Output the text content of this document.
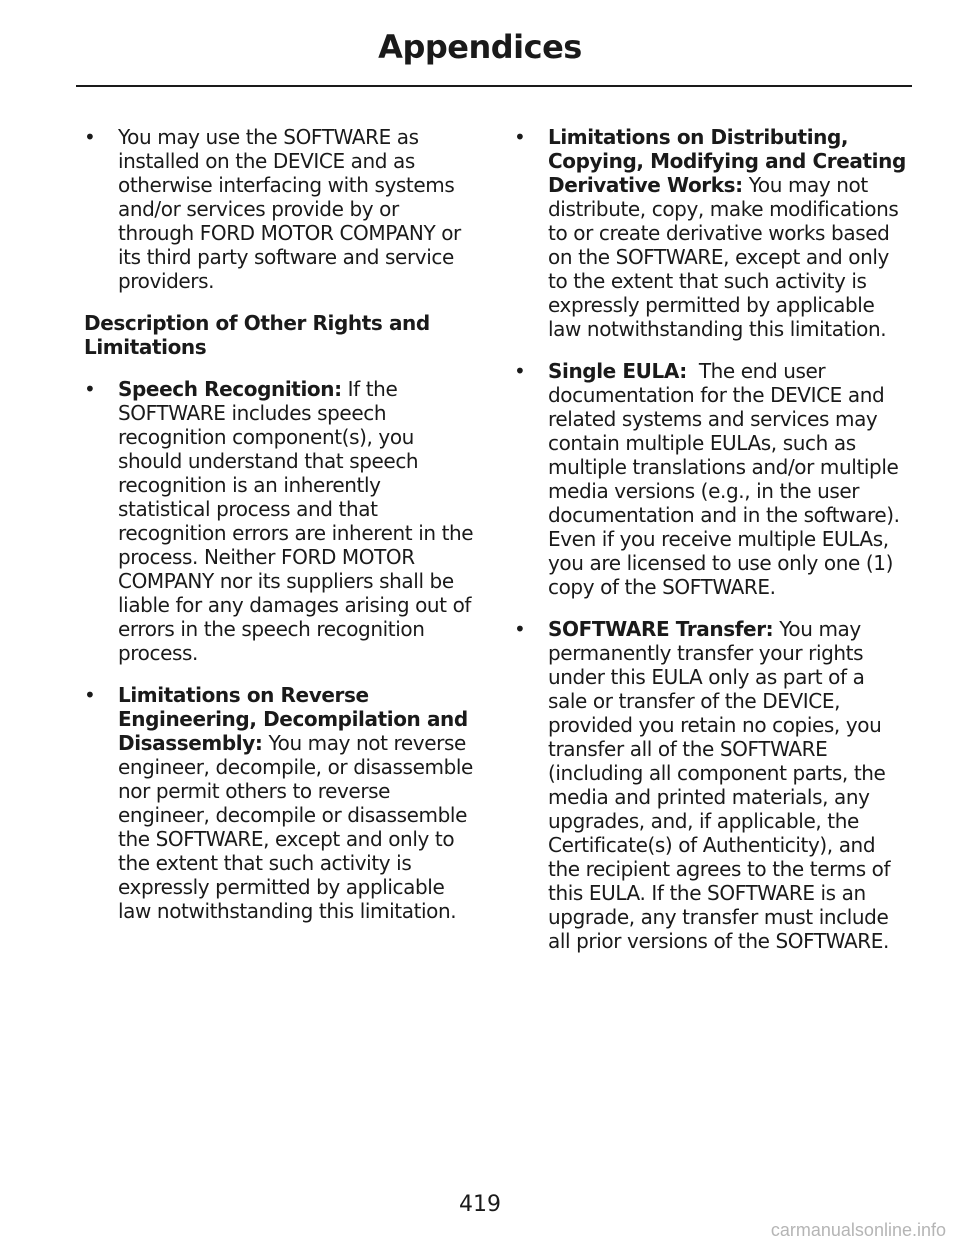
Appendices
•	You may use the SOFTWARE as installed on the DEVICE and as otherwise interfacing with systems and/or services provide by or through FORD MOTOR COMPANY or its third party software and service providers.
Description of Other Rights and Limitations
•	Speech Recognition: If the SOFTWARE includes speech recognition component(s), you should understand that speech recognition is an inherently statistical process and that recognition errors are inherent in the process. Neither FORD MOTOR COMPANY nor its suppliers shall be liable for any damages arising out of errors in the speech recognition process.
•	Limitations on Reverse Engineering, Decompilation and Disassembly: You may not reverse engineer, decompile, or disassemble nor permit others to reverse engineer, decompile or disassemble the SOFTWARE, except and only to the extent that such activity is expressly permitted by applicable law notwithstanding this limitation.
•	Limitations on Distributing, Copying, Modifying and Creating Derivative Works: You may not distribute, copy, make modifications to or create derivative works based on the SOFTWARE, except and only to the extent that such activity is expressly permitted by applicable law notwithstanding this limitation.
•	Single EULA:  The end user documentation for the DEVICE and related systems and services may contain multiple EULAs, such as multiple translations and/or multiple media versions (e.g., in the user documentation and in the software). Even if you receive multiple EULAs, you are licensed to use only one (1) copy of the SOFTWARE.
•	SOFTWARE Transfer: You may permanently transfer your rights under this EULA only as part of a sale or transfer of the DEVICE, provided you retain no copies, you transfer all of the SOFTWARE (including all component parts, the media and printed materials, any upgrades, and, if applicable, the Certificate(s) of Authenticity), and the recipient agrees to the terms of this EULA. If the SOFTWARE is an upgrade, any transfer must include all prior versions of the SOFTWARE.
419
carmanualsonline.info
